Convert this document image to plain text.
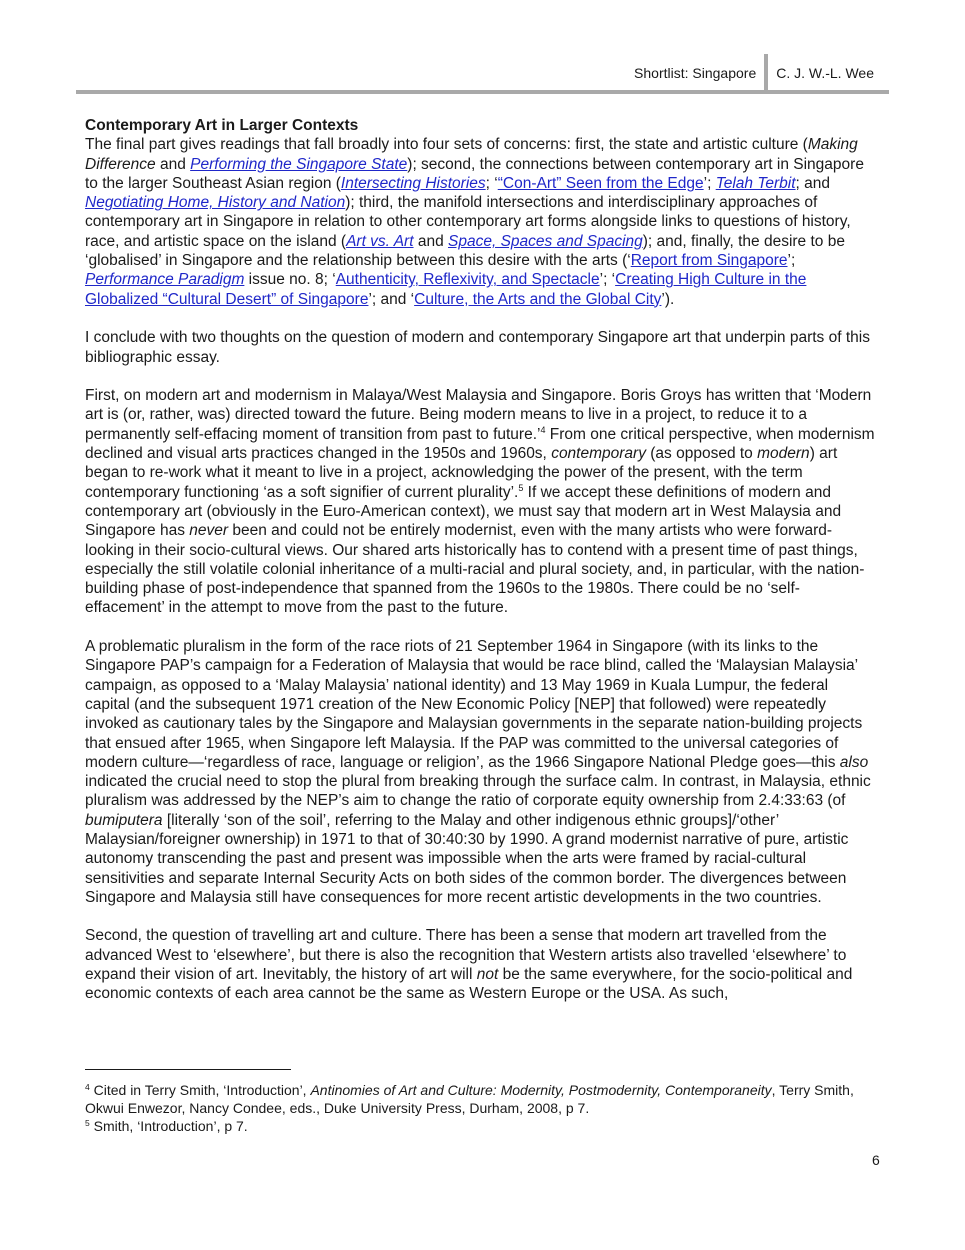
Shortlist: Singapore	C. J. W.-L. Wee
Contemporary Art in Larger Contexts

The final part gives readings that fall broadly into four sets of concerns: first, the state and artistic culture (Making Difference and Performing the Singapore State); second, the connections between contemporary art in Singapore to the larger Southeast Asian region (Intersecting Histories; ‘“Con-Art” Seen from the Edge’; Telah Terbit; and Negotiating Home, History and Nation); third, the manifold intersections and interdisciplinary approaches of contemporary art in Singapore in relation to other contemporary art forms alongside links to questions of history, race, and artistic space on the island (Art vs. Art and Space, Spaces and Spacing); and, finally, the desire to be ‘globalised’ in Singapore and the relationship between this desire with the arts (‘Report from Singapore’; Performance Paradigm issue no. 8; ‘Authenticity, Reflexivity, and Spectacle’; ‘Creating High Culture in the Globalized “Cultural Desert” of Singapore’; and ‘Culture, the Arts and the Global City’).

I conclude with two thoughts on the question of modern and contemporary Singapore art that underpin parts of this bibliographic essay.

First, on modern art and modernism in Malaya/West Malaysia and Singapore. Boris Groys has written that ‘Modern art is (or, rather, was) directed toward the future. Being modern means to live in a project, to reduce it to a permanently self-effacing moment of transition from past to future.’$^4$ From one critical perspective, when modernism declined and visual arts practices changed in the 1950s and 1960s, contemporary (as opposed to modern) art began to re-work what it meant to live in a project, acknowledging the power of the present, with the term contemporary functioning ‘as a soft signifier of current plurality’.$^5$ If we accept these definitions of modern and contemporary art (obviously in the Euro-American context), we must say that modern art in West Malaysia and Singapore has never been and could not be entirely modernist, even with the many artists who were forward-looking in their socio-cultural views. Our shared arts historically has to contend with a present time of past things, especially the still volatile colonial inheritance of a multi-racial and plural society, and, in particular, with the nation-building phase of post-independence that spanned from the 1960s to the 1980s. There could be no ‘self-effacement’ in the attempt to move from the past to the future.

A problematic pluralism in the form of the race riots of 21 September 1964 in Singapore (with its links to the Singapore PAP’s campaign for a Federation of Malaysia that would be race blind, called the ‘Malaysian Malaysia’ campaign, as opposed to a ‘Malay Malaysia’ national identity) and 13 May 1969 in Kuala Lumpur, the federal capital (and the subsequent 1971 creation of the New Economic Policy [NEP] that followed) were repeatedly invoked as cautionary tales by the Singapore and Malaysian governments in the separate nation-building projects that ensued after 1965, when Singapore left Malaysia. If the PAP was committed to the universal categories of modern culture—‘regardless of race, language or religion’, as the 1966 Singapore National Pledge goes—this also indicated the crucial need to stop the plural from breaking through the surface calm. In contrast, in Malaysia, ethnic pluralism was addressed by the NEP’s aim to change the ratio of corporate equity ownership from 2.4:33:63 (of bumiputera [literally ‘son of the soil’, referring to the Malay and other indigenous ethnic groups]/‘other’ Malaysian/foreigner ownership) in 1971 to that of 30:40:30 by 1990. A grand modernist narrative of pure, artistic autonomy transcending the past and present was impossible when the arts were framed by racial-cultural sensitivities and separate Internal Security Acts on both sides of the common border. The divergences between Singapore and Malaysia still have consequences for more recent artistic developments in the two countries.

Second, the question of travelling art and culture. There has been a sense that modern art travelled from the advanced West to ‘elsewhere’, but there is also the recognition that Western artists also travelled ‘elsewhere’ to expand their vision of art. Inevitably, the history of art will not be the same everywhere, for the socio-political and economic contexts of each area cannot be the same as Western Europe or the USA. As such,

$^4$ Cited in Terry Smith, ‘Introduction’, Antinomies of Art and Culture: Modernity, Postmodernity, Contemporaneity, Terry Smith, Okwui Enwezor, Nancy Condee, eds., Duke University Press, Durham, 2008, p 7.

$^5$ Smith, ‘Introduction’, p 7.

6
